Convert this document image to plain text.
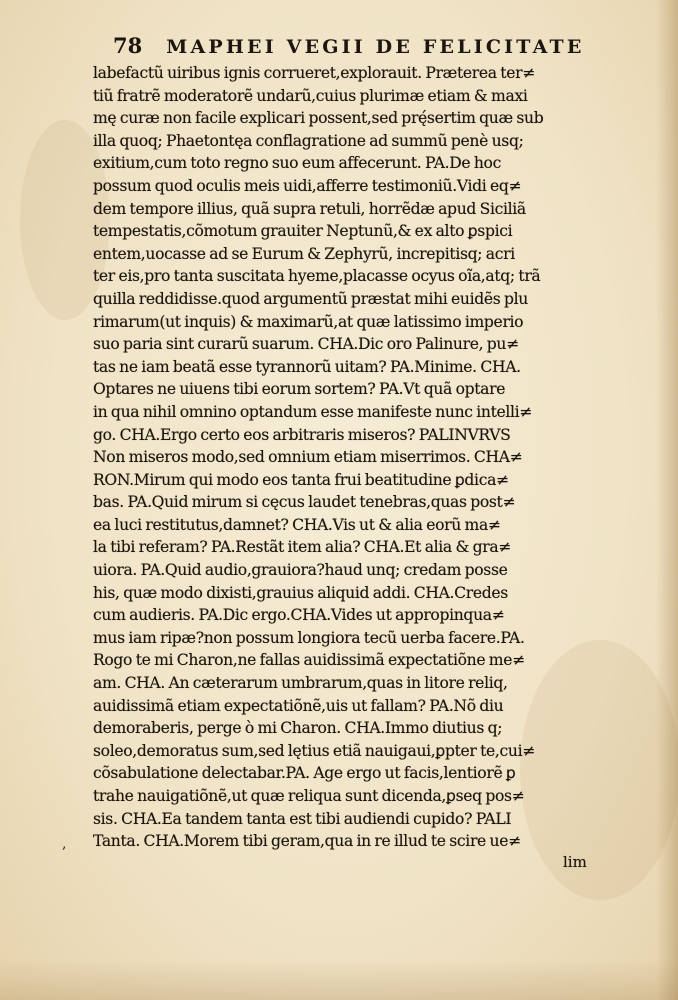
78 MAPHEI VEGII DE FELICITATE
labefactũ uiribus ignis corrueret,explorauit. Præterea ter≠
tiũ fratrẽ moderatorẽ undarũ,cuius plurimæ etiam & maxi
mę curæ non facile explicari possent,sed prę́sertim quæ sub
illa quoq; Phaetontęa conflagratione ad summũ penè usq;
exitium,cum toto regno suo eum affecerunt. PA.De hoc
possum quod oculis meis uidi,afferre testimoniũ.Vidi eq≠
dem tempore illius, quã supra retuli, horrẽdæ apud Siciliã
tempestatis,cõmotum grauiter Neptunũ,& ex alto ꝑspici
entem,uocasse ad se Eurum & Zephyrũ, increpitisq; acri
ter eis,pro tanta suscitata hyeme,placasse ocyus oĩa,atq; trã
quilla reddidisse.quod argumentũ præstat mihi euidẽs plu
rimarum(ut inquis) & maximarũ,at quæ latissimo imperio
suo paria sint curarũ suarum. CHA.Dic oro Palinure, pu≠
tas ne iam beatã esse tyrannorũ uitam? PA.Minime. CHA.
Optares ne uiuens tibi eorum sortem? PA.Vt quã optare
in qua nihil omnino optandum esse manifeste nunc intelli≠
go. CHA.Ergo certo eos arbitraris miseros? PALINVRVS
Non miseros modo,sed omnium etiam miserrimos. CHA≠
RON.Mirum qui modo eos tanta frui beatitudine ꝑdica≠
bas. PA.Quid mirum si cęcus laudet tenebras,quas post≠
ea luci restitutus,damnet? CHA.Vis ut & alia eorũ ma≠
la tibi referam? PA.Restãt item alia? CHA.Et alia & gra≠
uiora. PA.Quid audio,grauiora?haud unq; credam posse
his, quæ modo dixisti,grauius aliquid addi. CHA.Credes
cum audieris. PA.Dic ergo.CHA.Vides ut appropinqua≠
mus iam ripæ?non possum longiora tecũ uerba facere.PA.
Rogo te mi Charon,ne fallas auidissimã expectatiõne me≠
am. CHA. An cæterarum umbrarum,quas in litore reliq,
auidissimã etiam expectatiõnẽ,uis ut fallam? PA.Nõ diu
demoraberis, perge ò mi Charon. CHA.Immo diutius q;
soleo,demoratus sum,sed lętius etiã nauigaui,ꝑpter te,cui≠
cõsabulatione delectabar.PA. Age ergo ut facis,lentiorẽ ꝑ
trahe nauigatiõnẽ,ut quæ reliqua sunt dicenda,ꝑseq pos≠
sis. CHA.Ea tandem tanta est tibi audiendi cupido? PALI
Tanta. CHA.Morem tibi geram,qua in re illud te scire ue≠
,
lim
